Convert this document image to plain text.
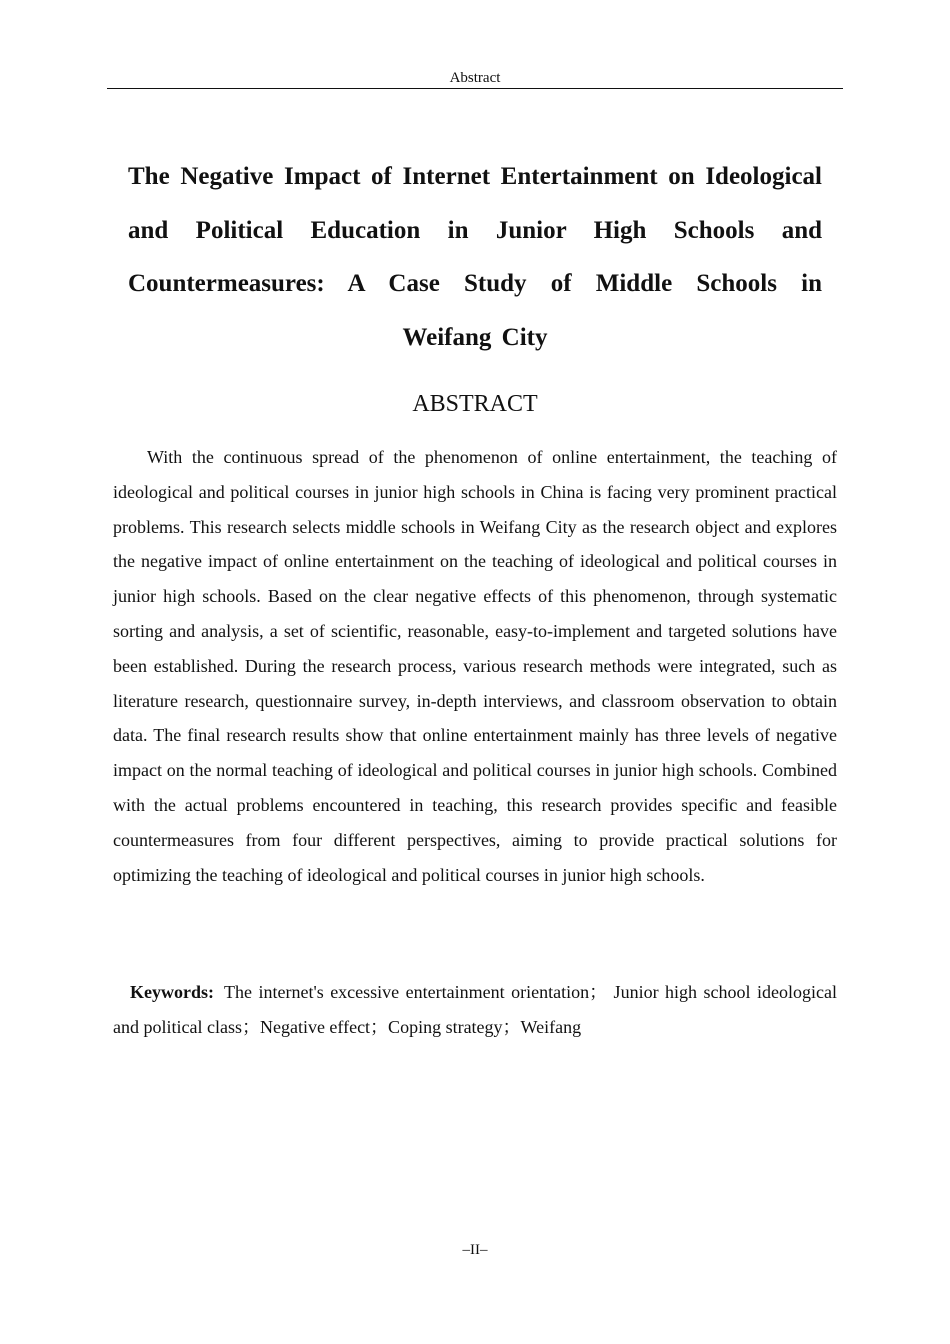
Abstract
The Negative Impact of Internet Entertainment on Ideological and Political Education in Junior High Schools and Countermeasures: A Case Study of Middle Schools in Weifang City
ABSTRACT

With the continuous spread of the phenomenon of online entertainment, the teaching of ideological and political courses in junior high schools in China is facing very prominent practical problems. This research selects middle schools in Weifang City as the research object and explores the negative impact of online entertainment on the teaching of ideological and political courses in junior high schools. Based on the clear negative effects of this phenomenon, through systematic sorting and analysis, a set of scientific, reasonable, easy-to-implement and targeted solutions have been established. During the research process, various research methods were integrated, such as literature research, questionnaire survey, in-depth interviews, and classroom observation to obtain data. The final research results show that online entertainment mainly has three levels of negative impact on the normal teaching of ideological and political courses in junior high schools. Combined with the actual problems encountered in teaching, this research provides specific and feasible countermeasures from four different perspectives, aiming to provide practical solutions for optimizing the teaching of ideological and political courses in junior high schools.

Keywords: The internet's excessive entertainment orientation； Junior high school ideological and political class；Negative effect；Coping strategy；Weifang

–II–
